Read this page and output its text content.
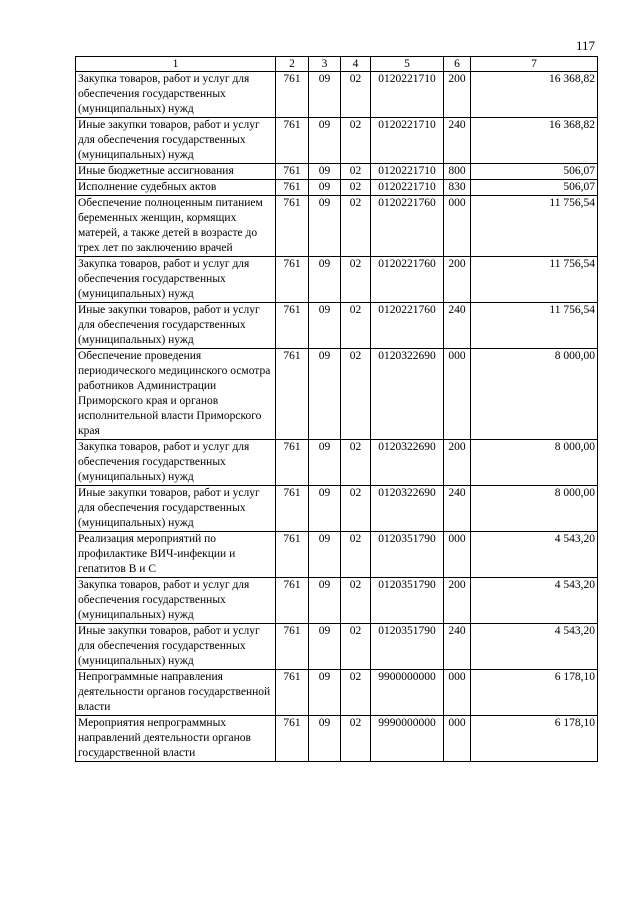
117
1	2	3	4	5	6	7
Закупка товаров, работ и услуг для обеспечения государственных (муниципальных) нужд	761	09	02	0120221710	200	16 368,82
Иные закупки товаров, работ и услуг для обеспечения государственных (муниципальных) нужд	761	09	02	0120221710	240	16 368,82
Иные бюджетные ассигнования	761	09	02	0120221710	800	506,07
Исполнение судебных актов	761	09	02	0120221710	830	506,07
Обеспечение полноценным питанием беременных женщин, кормящих матерей, а также детей в возрасте до трех лет по заключению врачей	761	09	02	0120221760	000	11 756,54
Закупка товаров, работ и услуг для обеспечения государственных (муниципальных) нужд	761	09	02	0120221760	200	11 756,54
Иные закупки товаров, работ и услуг для обеспечения государственных (муниципальных) нужд	761	09	02	0120221760	240	11 756,54
Обеспечение проведения периодического медицинского осмотра работников Администрации Приморского края и органов исполнительной власти Приморского края	761	09	02	0120322690	000	8 000,00
Закупка товаров, работ и услуг для обеспечения государственных (муниципальных) нужд	761	09	02	0120322690	200	8 000,00
Иные закупки товаров, работ и услуг для обеспечения государственных (муниципальных) нужд	761	09	02	0120322690	240	8 000,00
Реализация мероприятий по профилактике ВИЧ-инфекции и гепатитов В и С	761	09	02	0120351790	000	4 543,20
Закупка товаров, работ и услуг для обеспечения государственных (муниципальных) нужд	761	09	02	0120351790	200	4 543,20
Иные закупки товаров, работ и услуг для обеспечения государственных (муниципальных) нужд	761	09	02	0120351790	240	4 543,20
Непрограммные направления деятельности органов государственной власти	761	09	02	9900000000	000	6 178,10
Мероприятия непрограммных направлений деятельности органов государственной власти	761	09	02	9990000000	000	6 178,10
